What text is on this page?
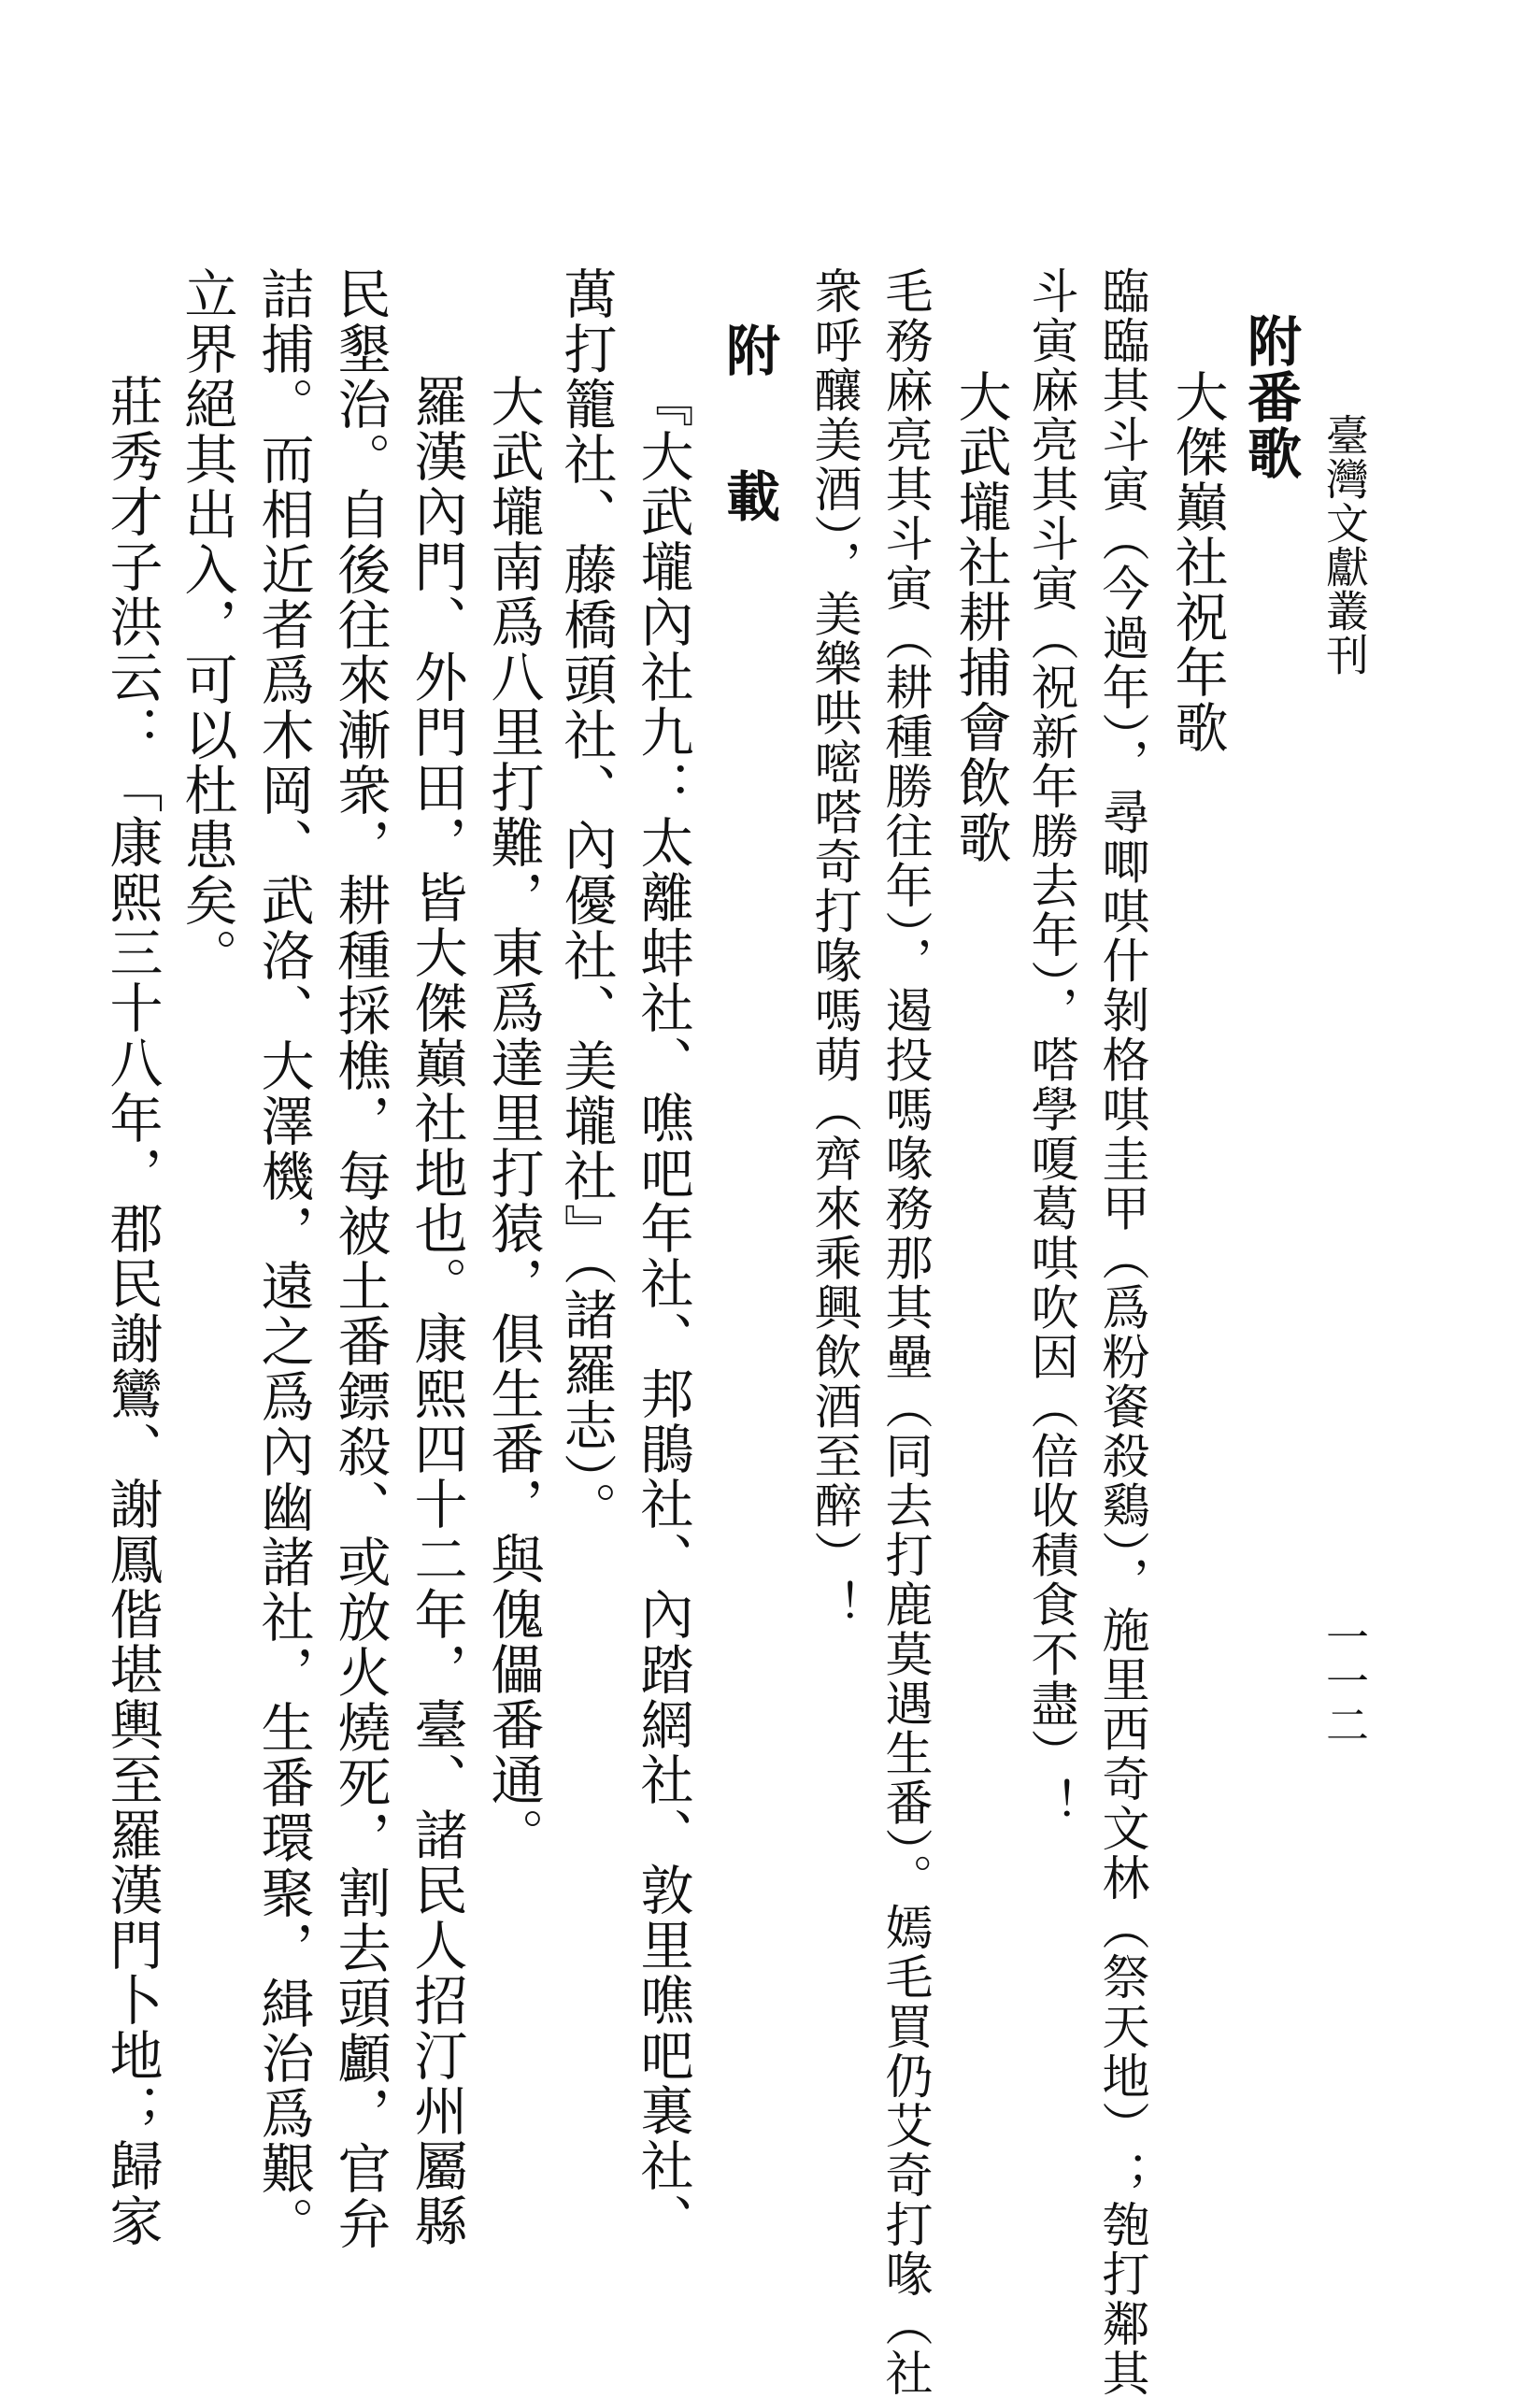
臺灣文獻叢刊
一一二
附番歌
大傑巔社祝年歌
臨臨其斗寅（今過年），尋唧唭什剝格唭圭甲（爲粉餈殺鷄），施里西奇文林（祭天地）；匏打鄰其
斗寅麻亮其斗寅（祝新年勝去年），嗒學嗄葛唭吹因（倍收積食不盡）！
大武壠社耕捕會飲歌
毛務麻亮其斗寅（耕種勝往年），遏投嗎喙務那其壘（同去打鹿莫遇生番）。嫣毛買仍艾奇打喙（社
衆呼釀美酒），美樂哄嘧嗒奇打喙嗎萌（齊來乘興飲酒至醉）！
附　載
『大武壠內社九：太離蚌社、噍吧年社、邦鵑社、內踏網社、敦里噍吧裏社、
萬打籠社、藤橋頭社、內優社、美壠社』（諸羅志）。
大武壠南爲八里打難，東爲達里打猿，俱生番，與傀儡番通。
羅漢內門、外門田，皆大傑巔社地也。康熙四十二年，臺、諸民人招汀州屬縣
民墾治。自後往來漸衆，耕種採樵，每被土番鏢殺、或放火燒死，割去頭顱，官弁
詰捕。而相近者爲木岡、武洛、大澤機，遠之爲內幽諸社，生番環聚，緝治爲艱。
立界絕其出入，可以杜患矣。
莊秀才子洪云：「康熙三十八年，郡民謝鸞、謝鳳偕堪輿至羅漢門卜地；歸家
